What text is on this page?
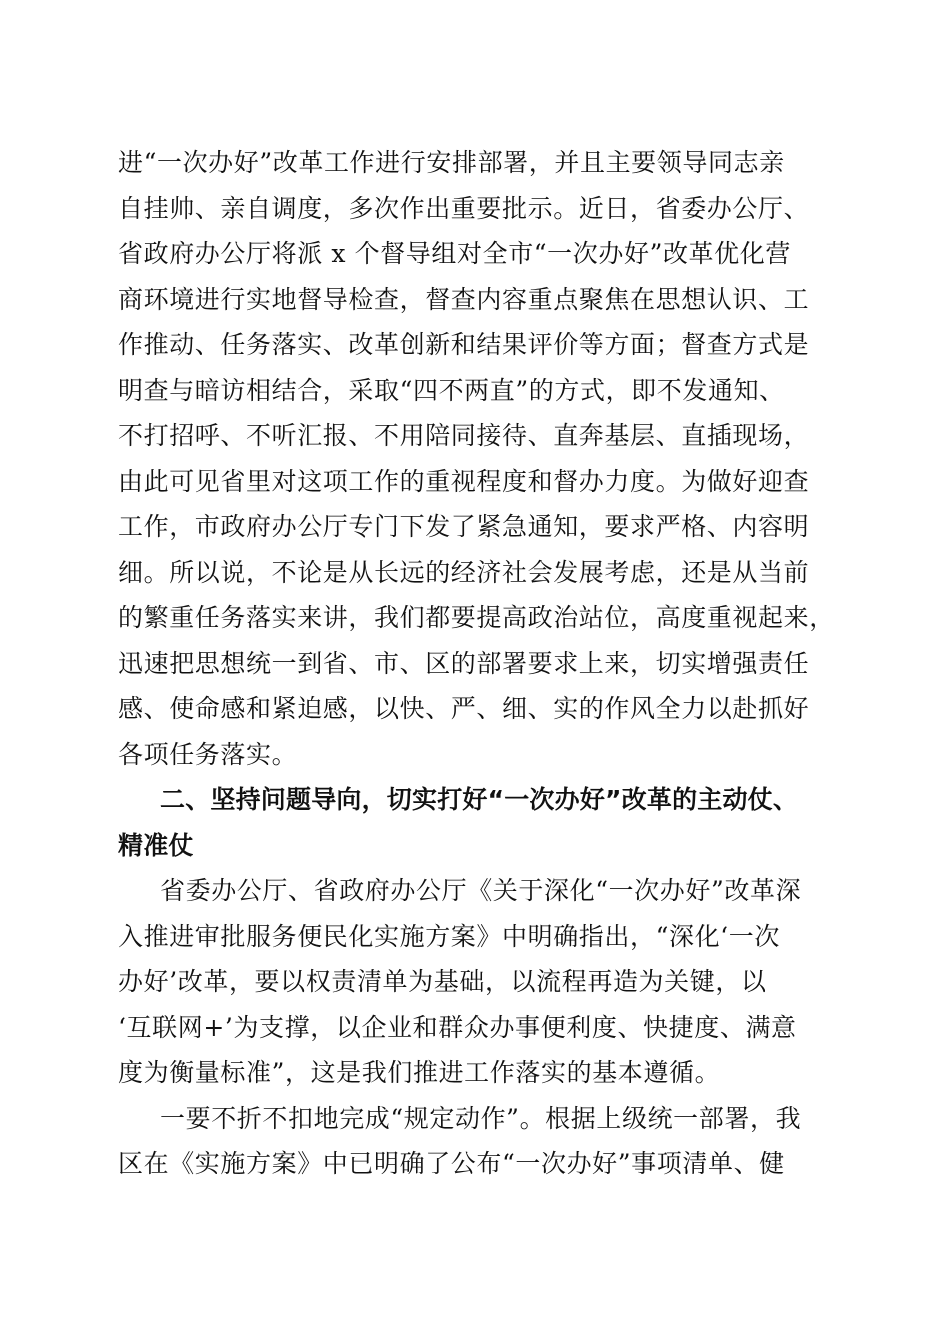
进“一次办好”改革工作进行安排部署，并且主要领导同志亲
自挂帅、亲自调度，多次作出重要批示。近日，省委办公厅、
省政府办公厅将派 x 个督导组对全市“一次办好”改革优化营
商环境进行实地督导检查，督查内容重点聚焦在思想认识、工
作推动、任务落实、改革创新和结果评价等方面；督查方式是
明查与暗访相结合，采取“四不两直”的方式，即不发通知、
不打招呼、不听汇报、不用陪同接待、直奔基层、直插现场，
由此可见省里对这项工作的重视程度和督办力度。为做好迎查
工作，市政府办公厅专门下发了紧急通知，要求严格、内容明
细。所以说，不论是从长远的经济社会发展考虑，还是从当前
的繁重任务落实来讲，我们都要提高政治站位，高度重视起来，
迅速把思想统一到省、市、区的部署要求上来，切实增强责任
感、使命感和紧迫感，以快、严、细、实的作风全力以赴抓好
各项任务落实。
二、坚持问题导向，切实打好“一次办好”改革的主动仗、
精准仗
省委办公厅、省政府办公厅《关于深化“一次办好”改革深
入推进审批服务便民化实施方案》中明确指出，“深化‘一次
办好’改革，要以权责清单为基础，以流程再造为关键，以
‘互联网+’为支撑，以企业和群众办事便利度、快捷度、满意
度为衡量标准”，这是我们推进工作落实的基本遵循。
一要不折不扣地完成“规定动作”。根据上级统一部署，我
区在《实施方案》中已明确了公布“一次办好”事项清单、健
